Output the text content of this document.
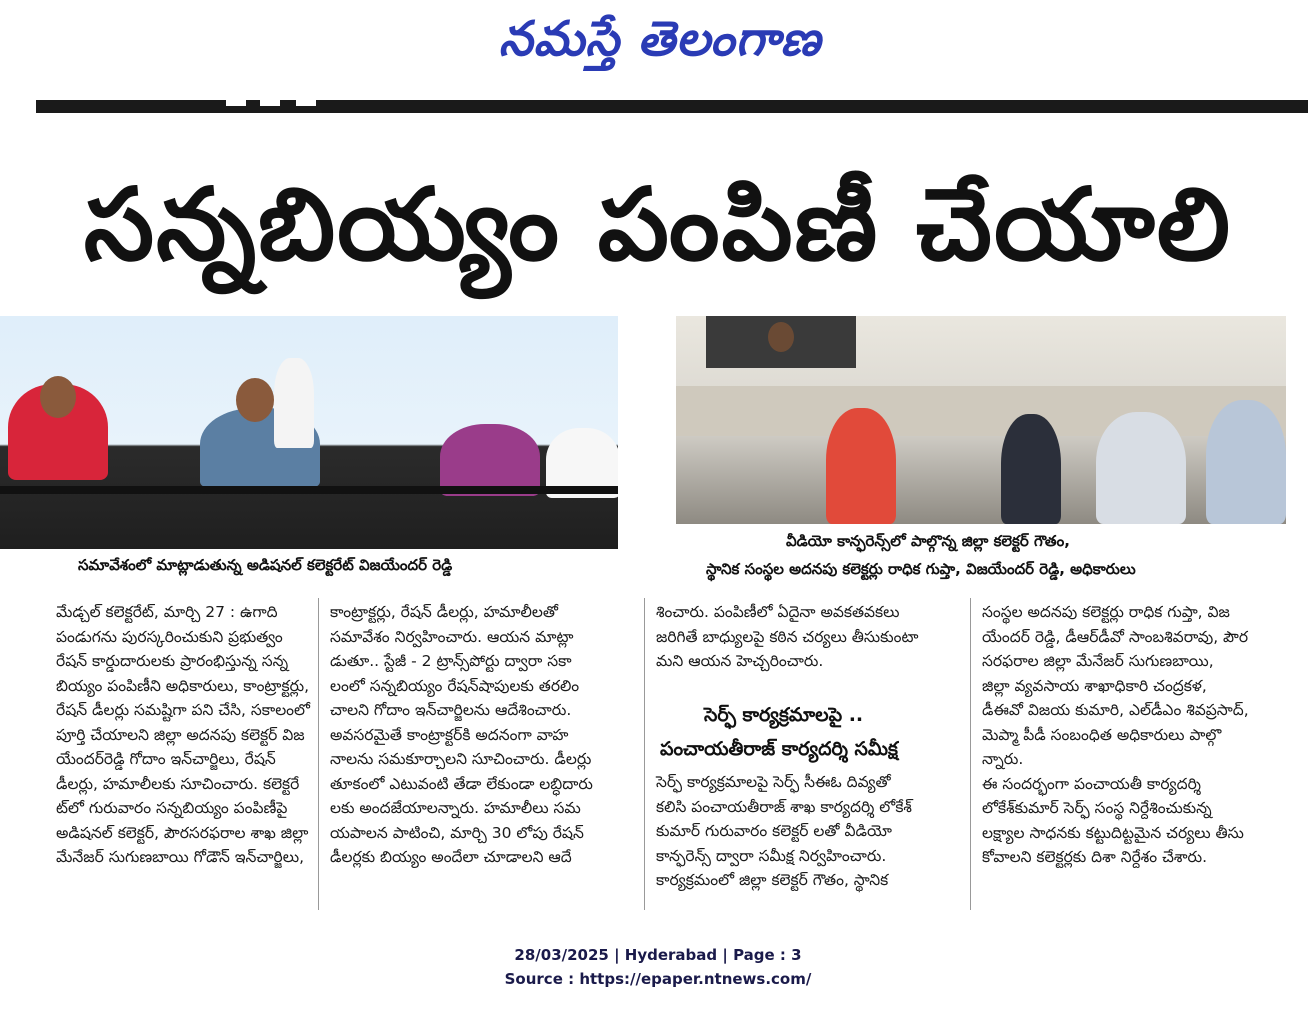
నమస్తే తెలంగాణ
సన్నబియ్యం పంపిణీ చేయాలి
సమావేశంలో మాట్లాడుతున్న అడిషనల్ కలెక్టరేట్ విజయేందర్ రెడ్డి
వీడియో కాన్ఫరెన్స్‌లో పాల్గొన్న జిల్లా కలెక్టర్ గౌతం,
స్థానిక సంస్థల అదనపు కలెక్టర్లు రాధిక గుప్తా, విజయేందర్ రెడ్డి, అధికారులు

మేడ్చల్ కలెక్టరేట్, మార్చి 27 : ఉగాది

పండుగను పురస్కరించుకుని ప్రభుత్వం

రేషన్ కార్డుదారులకు ప్రారంభిస్తున్న సన్న

బియ్యం పంపిణీని అధికారులు, కాంట్రాక్టర్లు,

రేషన్ డీలర్లు సమష్టిగా పని చేసి, సకాలంలో

పూర్తి చేయాలని జిల్లా అదనపు కలెక్టర్ విజ

యేందర్‌రెడ్డి గోదాం ఇన్‌చార్జిలు, రేషన్

డీలర్లు, హమాలీలకు సూచించారు. కలెక్టరే

ట్‌లో గురువారం సన్నబియ్యం పంపిణీపై

అడిషనల్ కలెక్టర్, పౌరసరఫరాల శాఖ జిల్లా

మేనేజర్ సుగుణబాయి గోడౌన్ ఇన్‌చార్జిలు,

కాంట్రాక్టర్లు, రేషన్ డీలర్లు, హమాలీలతో

సమావేశం నిర్వహించారు. ఆయన మాట్లా

డుతూ.. స్టేజీ - 2 ట్రాన్స్‌పోర్టు ద్వారా సకా

లంలో సన్నబియ్యం రేషన్‌షాపులకు తరలిం

చాలని గోదాం ఇన్‌చార్జిలను ఆదేశించారు.

అవసరమైతే కాంట్రాక్టర్‌కి అదనంగా వాహ

నాలను సమకూర్చాలని సూచించారు. డీలర్లు

తూకంలో ఎటువంటి తేడా లేకుండా లబ్ధిదారు

లకు అందజేయాలన్నారు. హమాలీలు సమ

యపాలన పాటించి, మార్చి 30 లోపు రేషన్

డీలర్లకు బియ్యం అందేలా చూడాలని ఆదే

శించారు. పంపిణీలో ఏదైనా అవకతవకలు

జరిగితే బాధ్యులపై కఠిన చర్యలు తీసుకుంటా

మని ఆయన హెచ్చరించారు.

సెర్ఫ్ కార్యక్రమాలపై ..
పంచాయతీరాజ్ కార్యదర్శి సమీక్ష

సెర్ఫ్ కార్యక్రమాలపై సెర్ఫ్ సీఈఓ దివ్యతో

కలిసి పంచాయతీరాజ్ శాఖ కార్యదర్శి లోకేశ్

కుమార్ గురువారం కలెక్టర్ లతో వీడియో

కాన్ఫరెన్స్ ద్వారా సమీక్ష నిర్వహించారు.

కార్యక్రమంలో జిల్లా కలెక్టర్ గౌతం, స్థానిక

సంస్థల అదనపు కలెక్టర్లు రాధిక గుప్తా, విజ

యేందర్ రెడ్డి, డీఆర్‌డీవో సాంబశివరావు, పౌర

సరఫరాల జిల్లా మేనేజర్ సుగుణబాయి,

జిల్లా వ్యవసాయ శాఖాధికారి చంద్రకళ,

డీఈవో విజయ కుమారి, ఎల్‌డీఎం శివప్రసాద్,

మెప్మా పీడీ సంబంధిత అధికారులు పాల్గొ

న్నారు.

ఈ సందర్భంగా పంచాయతీ కార్యదర్శి

లోకేశ్‌కుమార్ సెర్ఫ్ సంస్థ నిర్దేశించుకున్న

లక్ష్యాల సాధనకు కట్టుదిట్టమైన చర్యలు తీసు

కోవాలని కలెక్టర్లకు దిశా నిర్దేశం చేశారు.

28/03/2025 | Hyderabad | Page : 3
Source : https://epaper.ntnews.com/
